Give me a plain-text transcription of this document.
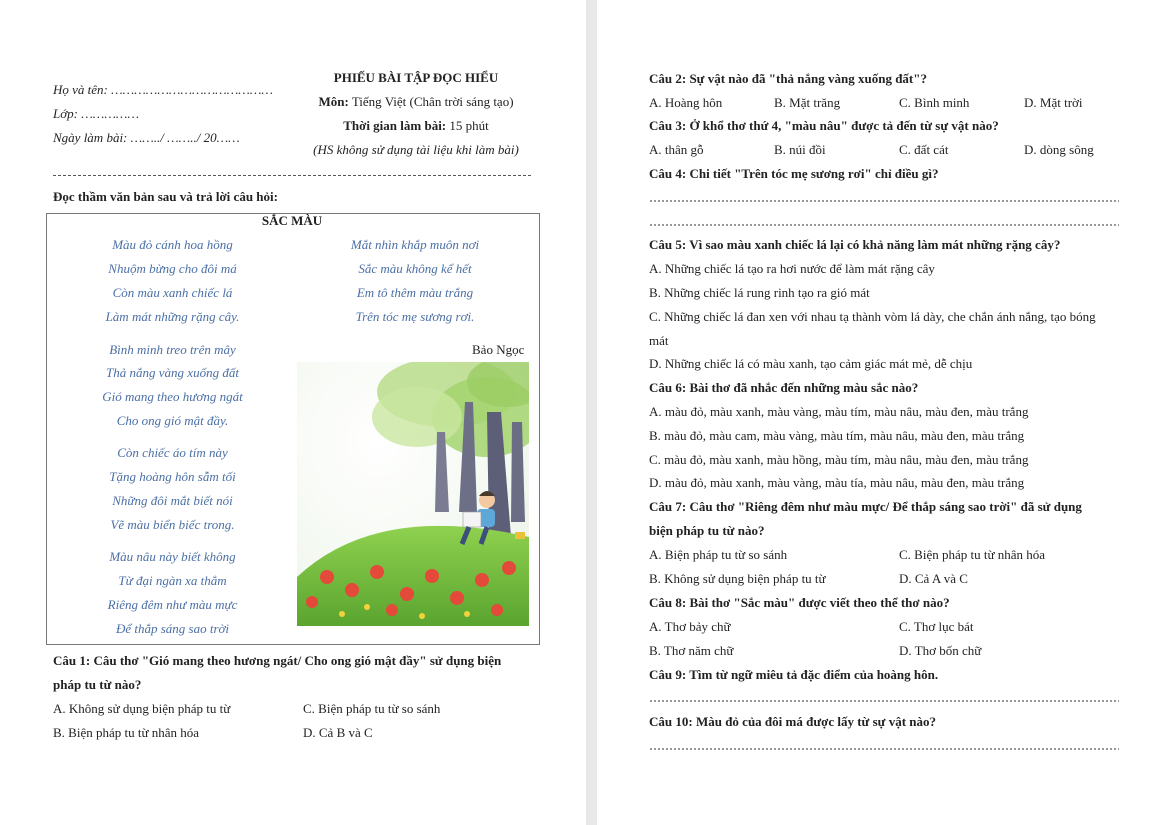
Họ và tên: ……………………………………
Lớp: ……………
Ngày làm bài: ……../ ……../ 20……
PHIẾU BÀI TẬP ĐỌC HIỂU
Môn: Tiếng Việt (Chân trời sáng tạo)
Thời gian làm bài: 15 phút
(HS không sử dụng tài liệu khi làm bài)
Đọc thầm văn bản sau và trả lời câu hỏi:
SẮC MÀU
Màu đỏ cánh hoa hồng
Nhuộm bừng cho đôi má
Còn màu xanh chiếc lá
Làm mát những rặng cây.
Bình minh treo trên mây
Thả nắng vàng xuống đất
Gió mang theo hương ngát
Cho ong gió mật đầy.
Còn chiếc áo tím này
Tặng hoàng hôn sẫm tối
Những đôi mắt biết nói
Vẽ màu biển biếc trong.
Màu nâu này biết không
Từ đại ngàn xa thẳm
Riêng đêm như màu mực
Để thắp sáng sao trời
Mắt nhìn khắp muôn nơi
Sắc màu không kể hết
Em tô thêm màu trắng
Trên tóc mẹ sương rơi.
Bảo Ngọc
Câu 1: Câu thơ "Gió mang theo hương ngát/ Cho ong gió mật đầy" sử dụng biện
pháp tu từ nào?
A. Không sử dụng biện pháp tu từ	C. Biện pháp tu từ so sánh
B. Biện pháp tu từ nhân hóa	D. Cả B và C
Câu 2: Sự vật nào đã "thả nắng vàng xuống đất"?
A. Hoàng hôn	B. Mặt trăng	C. Bình minh	D. Mặt trời
Câu 3: Ở khổ thơ thứ 4, "màu nâu" được tả đến từ sự vật nào?
A. thân gỗ	B. núi đồi	C. đất cát	D. dòng sông
Câu 4: Chi tiết "Trên tóc mẹ sương rơi" chỉ điều gì?
Câu 5: Vì sao màu xanh chiếc lá lại có khả năng làm mát những rặng cây?
A. Những chiếc lá tạo ra hơi nước để làm mát rặng cây
B. Những chiếc lá rung rinh tạo ra gió mát
C. Những chiếc lá đan xen với nhau tạ thành vòm lá dày, che chắn ánh nắng, tạo bóng
mát
D. Những chiếc lá có màu xanh, tạo cảm giác mát mẻ, dễ chịu
Câu 6: Bài thơ đã nhắc đến những màu sắc nào?
A. màu đỏ, màu xanh, màu vàng, màu tím, màu nâu, màu đen, màu trắng
B. màu đỏ, màu cam, màu vàng, màu tím, màu nâu, màu đen, màu trắng
C. màu đỏ, màu xanh, màu hồng, màu tím, màu nâu, màu đen, màu trắng
D. màu đỏ, màu xanh, màu vàng, màu tía, màu nâu, màu đen, màu trắng
Câu 7: Câu thơ "Riêng đêm như màu mực/ Để thắp sáng sao trời" đã sử dụng
biện pháp tu từ nào?
A. Biện pháp tu từ so sánh	C. Biện pháp tu từ nhân hóa
B. Không sử dụng biện pháp tu từ	D. Cả A và C
Câu 8: Bài thơ "Sắc màu" được viết theo thể thơ nào?
A. Thơ bảy chữ	C. Thơ lục bát
B. Thơ năm chữ	D. Thơ bốn chữ
Câu 9: Tìm từ ngữ miêu tả đặc điểm của hoàng hôn.
Câu 10: Màu đỏ của đôi má được lấy từ sự vật nào?
